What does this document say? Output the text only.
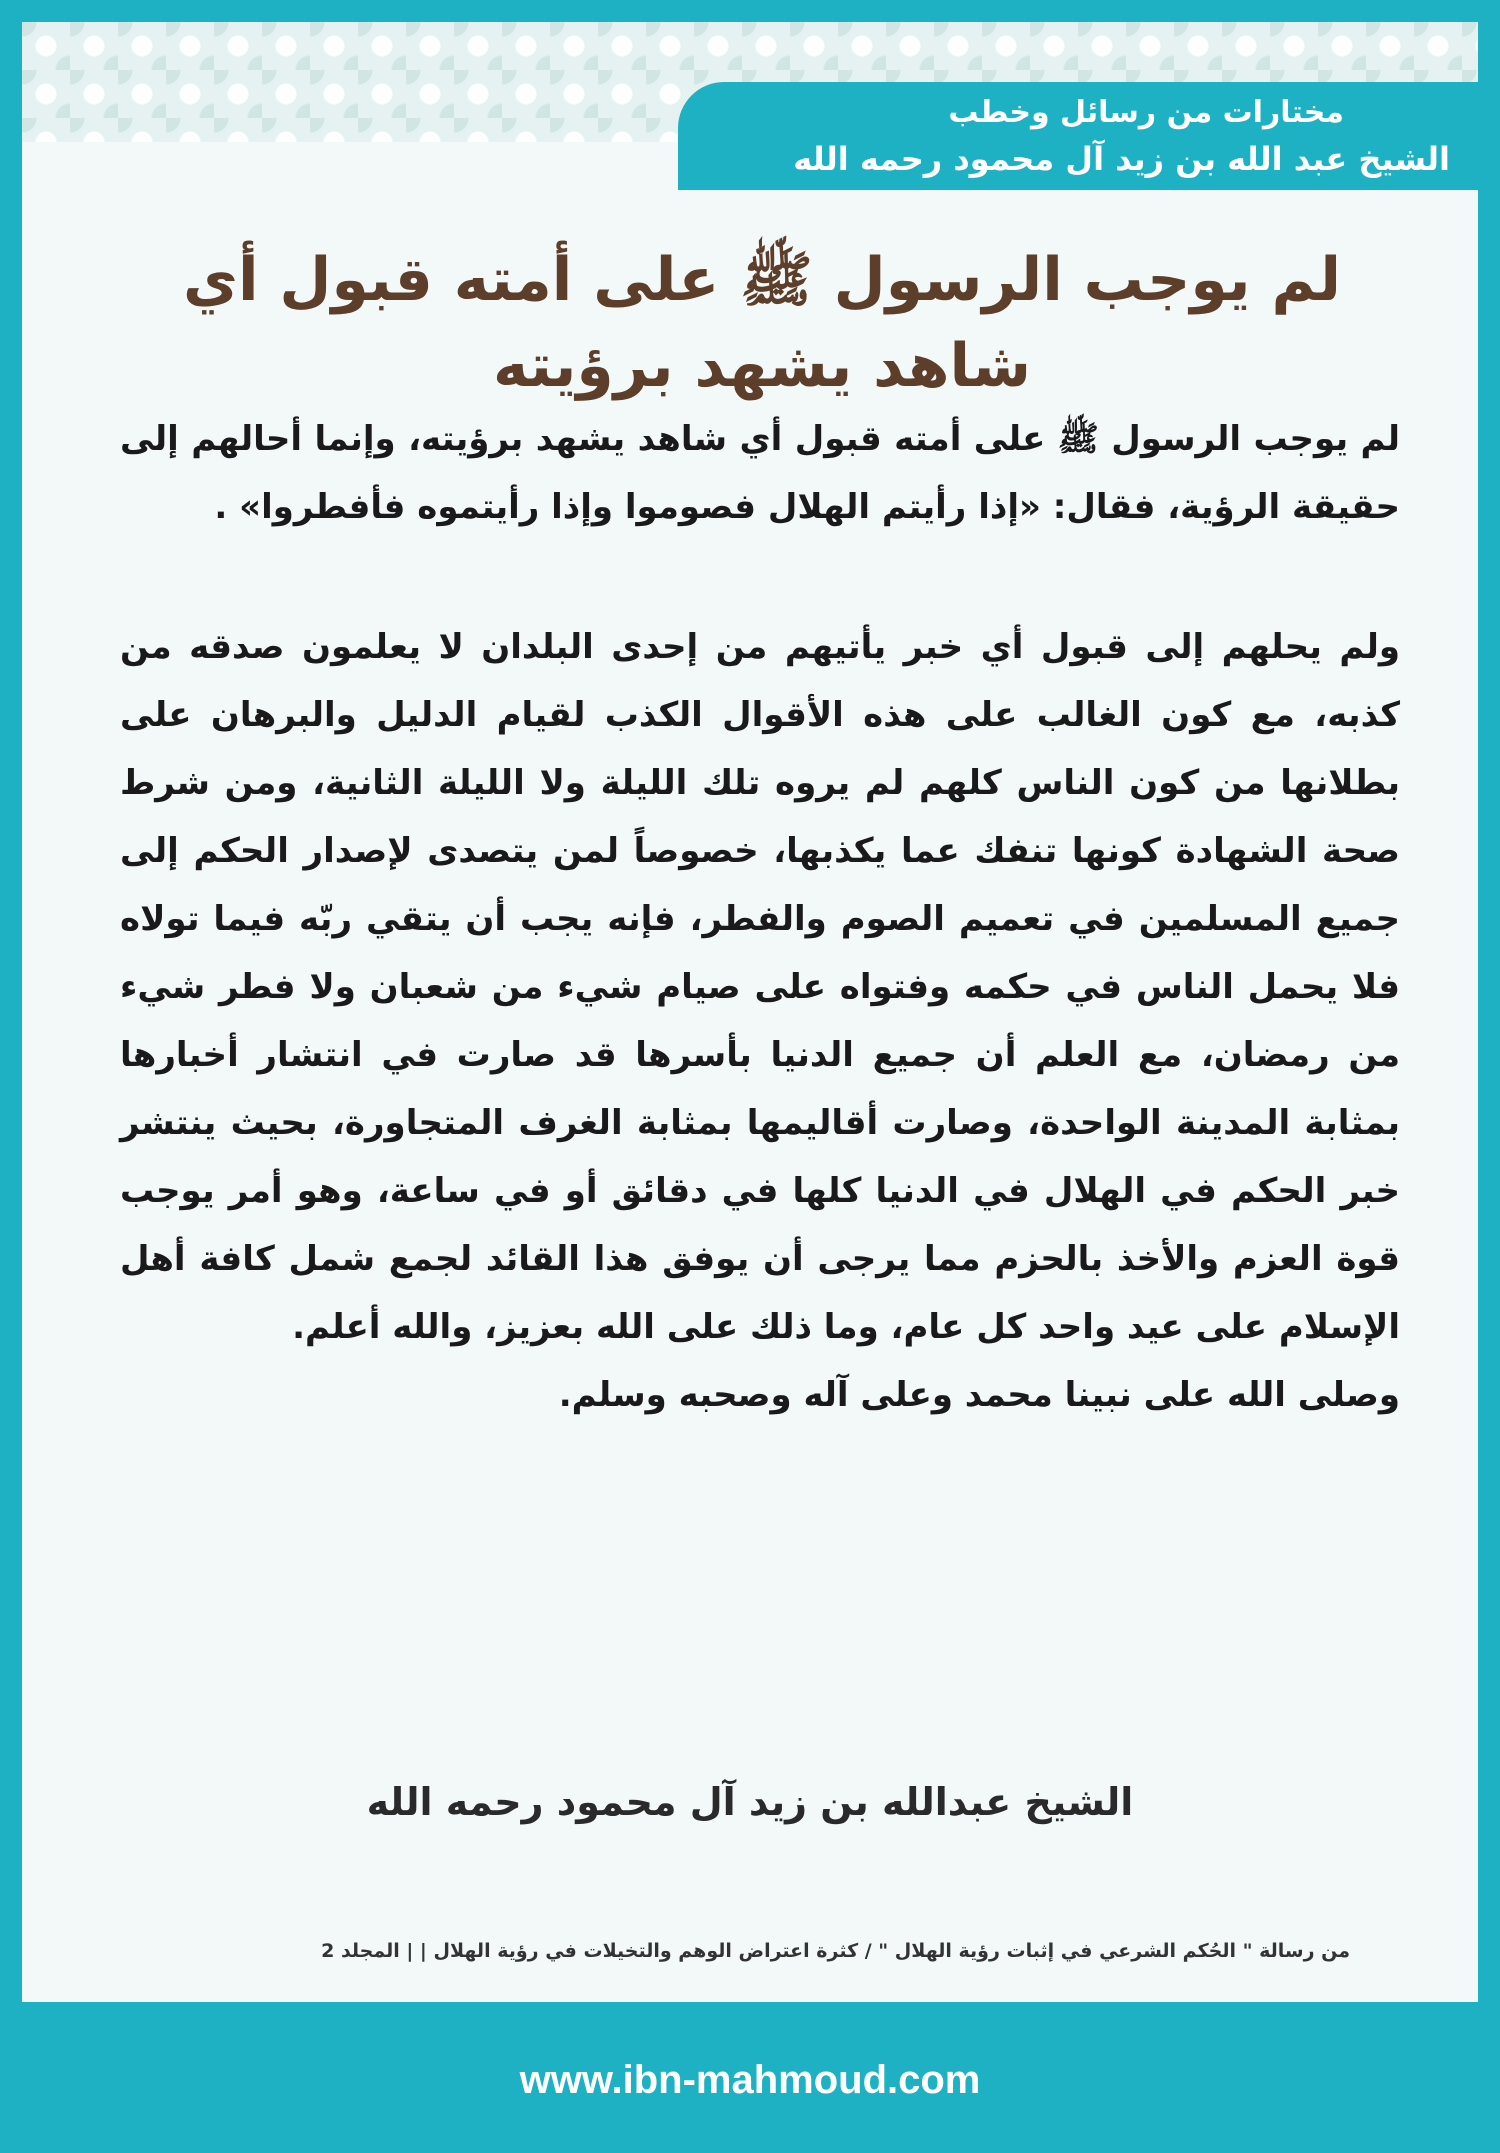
مختارات من رسائل وخطب
الشيخ عبد الله بن زيد آل محمود رحمه الله
لم يوجب الرسول ﷺ على أمته قبول أي شاهد يشهد برؤيته

لم يوجب الرسول ﷺ على أمته قبول أي شاهد يشهد برؤيته، وإنما أحالهم إلى حقيقة الرؤية، فقال: «إذا رأيتم الهلال فصوموا وإذا رأيتموه فأفطروا» .

ولم يحلهم إلى قبول أي خبر يأتيهم من إحدى البلدان لا يعلمون صدقه من كذبه، مع كون الغالب على هذه الأقوال الكذب لقيام الدليل والبرهان على بطلانها من كون الناس كلهم لم يروه تلك الليلة ولا الليلة الثانية، ومن شرط صحة الشهادة كونها تنفك عما يكذبها، خصوصاً لمن يتصدى لإصدار الحكم إلى جميع المسلمين في تعميم الصوم والفطر، فإنه يجب أن يتقي ربّه فيما تولاه فلا يحمل الناس في حكمه وفتواه على صيام شيء من شعبان ولا فطر شيء من رمضان، مع العلم أن جميع الدنيا بأسرها قد صارت في انتشار أخبارها بمثابة المدينة الواحدة، وصارت أقاليمها بمثابة الغرف المتجاورة، بحيث ينتشر خبر الحكم في الهلال في الدنيا كلها في دقائق أو في ساعة، وهو أمر يوجب قوة العزم والأخذ بالحزم مما يرجى أن يوفق هذا القائد لجمع شمل كافة أهل الإسلام على عيد واحد كل عام، وما ذلك على الله بعزيز، والله أعلم.

وصلى الله على نبينا محمد وعلى آله وصحبه وسلم.

الشيخ عبدالله بن زيد آل محمود رحمه الله
من رسالة " الحُكم الشرعي في إثبات رؤية الهلال " / كثرة اعتراض الوهم والتخيلات في رؤية الهلال | | المجلد 2
www.ibn-mahmoud.com
